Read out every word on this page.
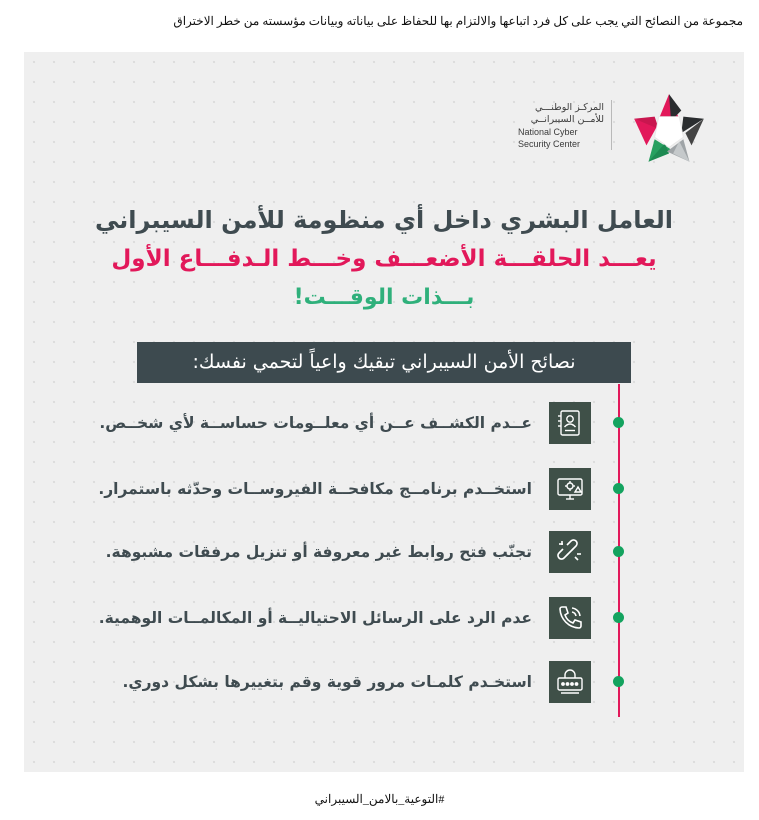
مجموعة من النصائح التي يجب على كل فرد اتباعها والالتزام بها للحفاظ على بياناته وبيانات مؤسسته من خطر الاختراق
المركـز الوطنـــي
للأمــن السيبرانــي
National Cyber
Security Center
العامل البشري داخل أي منظومة للأمن السيبراني
يعـــد الحلقـــة الأضعـــف وخـــط الـدفـــاع الأول
بـــذات الوقـــت!
نصائح الأمن السيبراني تبقيك واعياً لتحمي نفسك:
عــدم الكشــف عــن أي معلــومات حساســة لأي شخــص.
استخــدم برنامــج مكافحــة الفيروســات وحدّثه باستمرار.
تجنّب فتح روابط غير معروفة أو تنزيل مرفقات مشبوهة.
عدم الرد على الرسائل الاحتياليــة أو المكالمــات الوهمية.
استخـدم كلمـات مرور قوية وقم بتغييرها بشكل دوري.
#التوعية_بالامن_السيبراني
